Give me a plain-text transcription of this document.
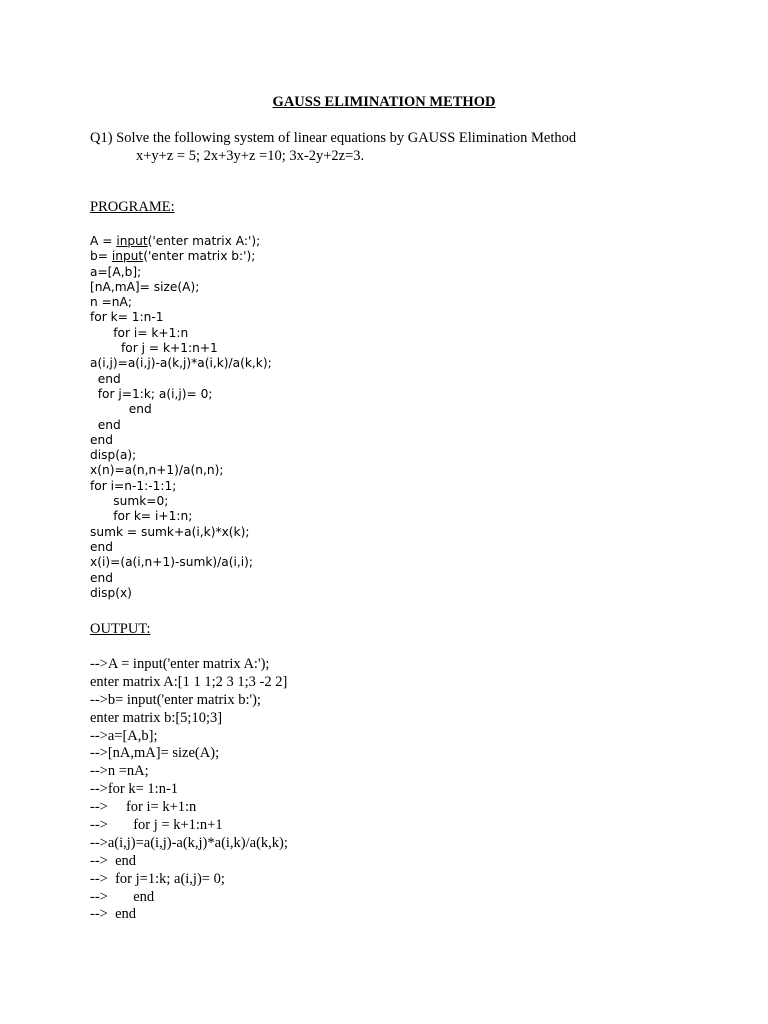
GAUSS ELIMINATION METHOD
Q1) Solve the following system of linear equations by GAUSS Elimination Method
x+y+z = 5; 2x+3y+z =10; 3x-2y+2z=3.
PROGRAME:
A = input('enter matrix A:');
b= input('enter matrix b:');
a=[A,b];
[nA,mA]= size(A);
n =nA;
for k= 1:n-1
for i= k+1:n
for j = k+1:n+1
a(i,j)=a(i,j)-a(k,j)*a(i,k)/a(k,k);
end
for j=1:k; a(i,j)= 0;
end
end
end
disp(a);
x(n)=a(n,n+1)/a(n,n);
for i=n-1:-1:1;
sumk=0;
for k= i+1:n;
sumk = sumk+a(i,k)*x(k);
end
x(i)=(a(i,n+1)-sumk)/a(i,i);
end
disp(x)
OUTPUT:
-->A = input('enter matrix A:');
enter matrix A:[1 1 1;2 3 1;3 -2 2]
-->b= input('enter matrix b:');
enter matrix b:[5;10;3]
-->a=[A,b];
-->[nA,mA]= size(A);
-->n =nA;
-->for k= 1:n-1
-->     for i= k+1:n
-->       for j = k+1:n+1
-->a(i,j)=a(i,j)-a(k,j)*a(i,k)/a(k,k);
-->  end
-->  for j=1:k; a(i,j)= 0;
-->       end
-->  end
